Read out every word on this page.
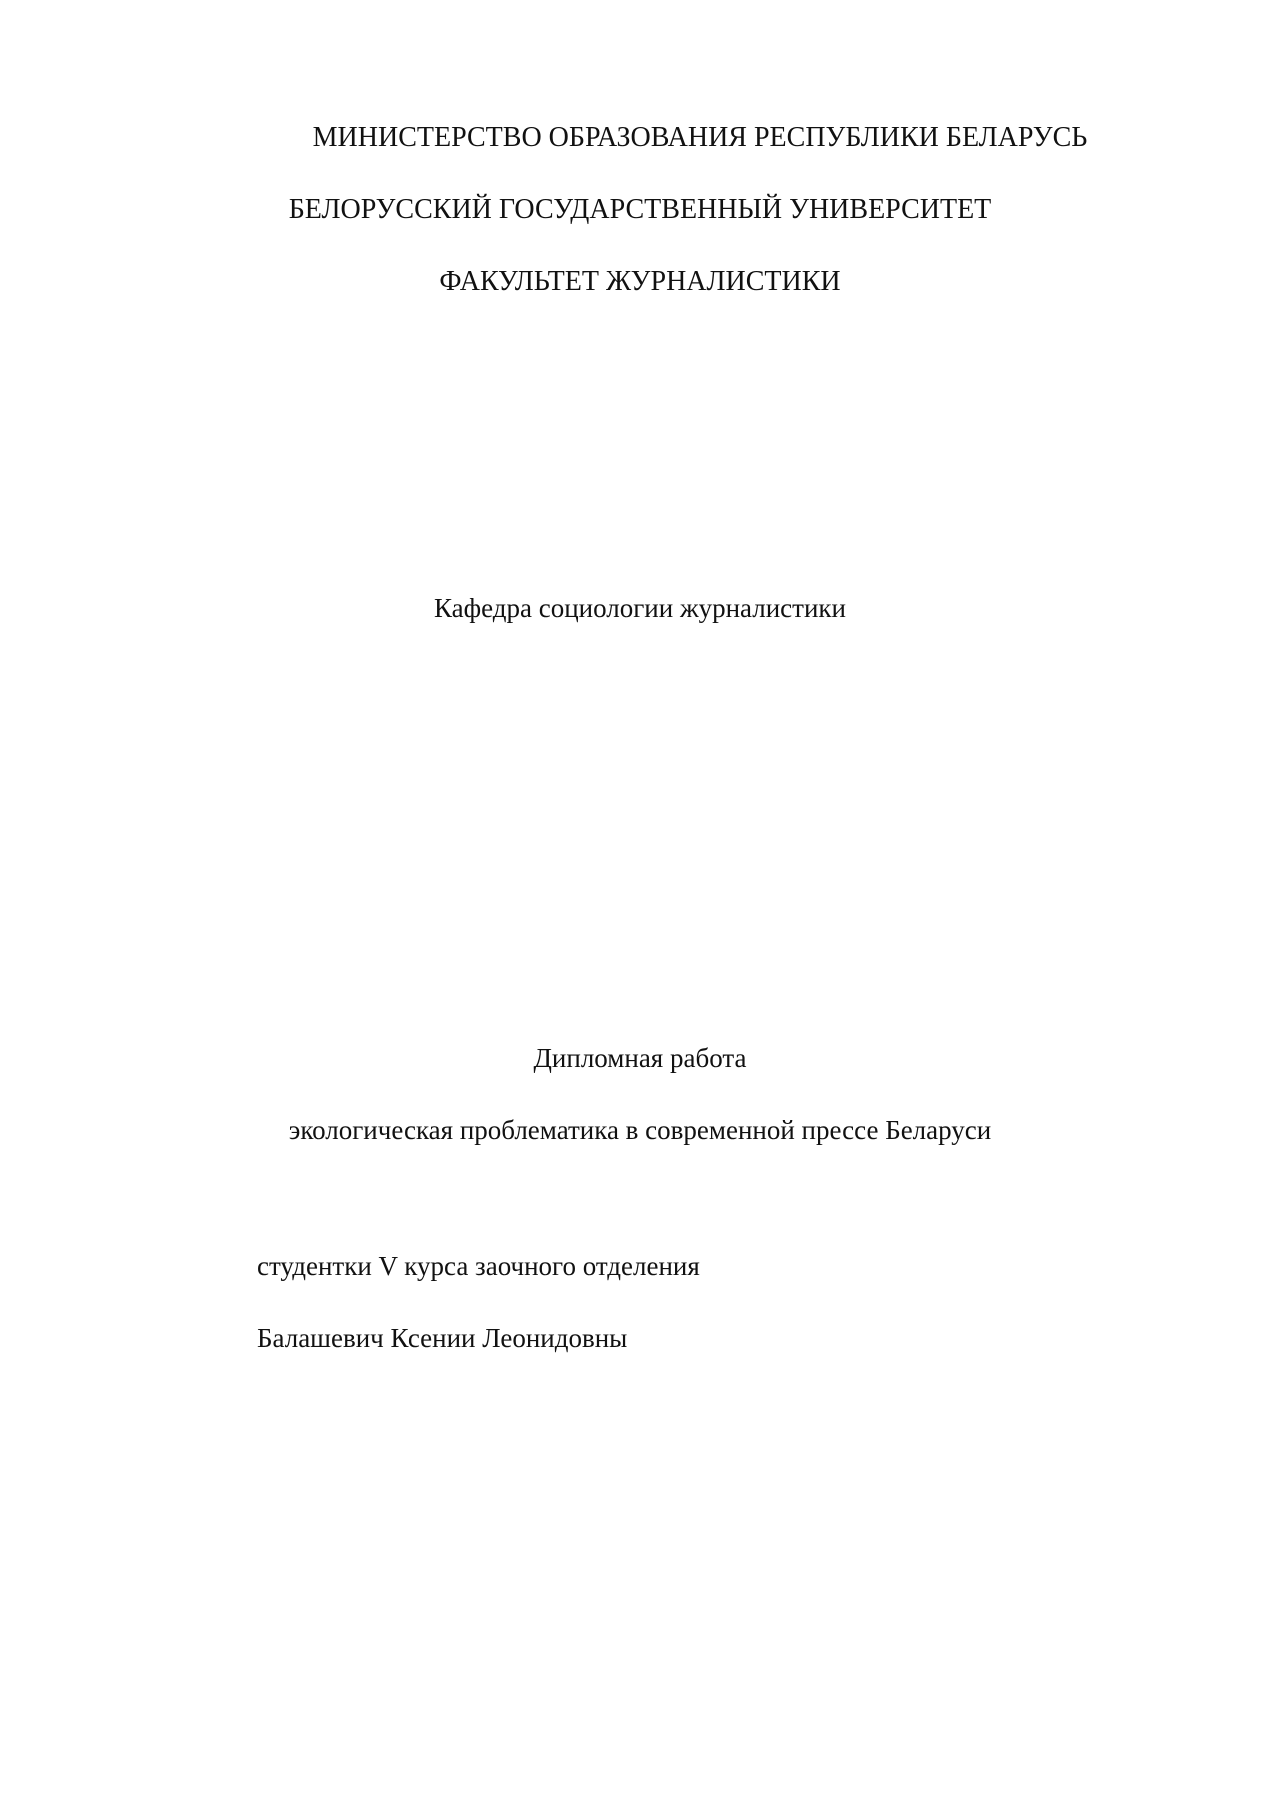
МИНИСТЕРСТВО ОБРАЗОВАНИЯ РЕСПУБЛИКИ БЕЛАРУСЬ
БЕЛОРУССКИЙ ГОСУДАРСТВЕННЫЙ УНИВЕРСИТЕТ
ФАКУЛЬТЕТ ЖУРНАЛИСТИКИ
Кафедра социологии журналистики
Дипломная работа
экологическая проблематика в современной прессе Беларуси
студентки V курса заочного отделения
Балашевич Ксении Леонидовны
